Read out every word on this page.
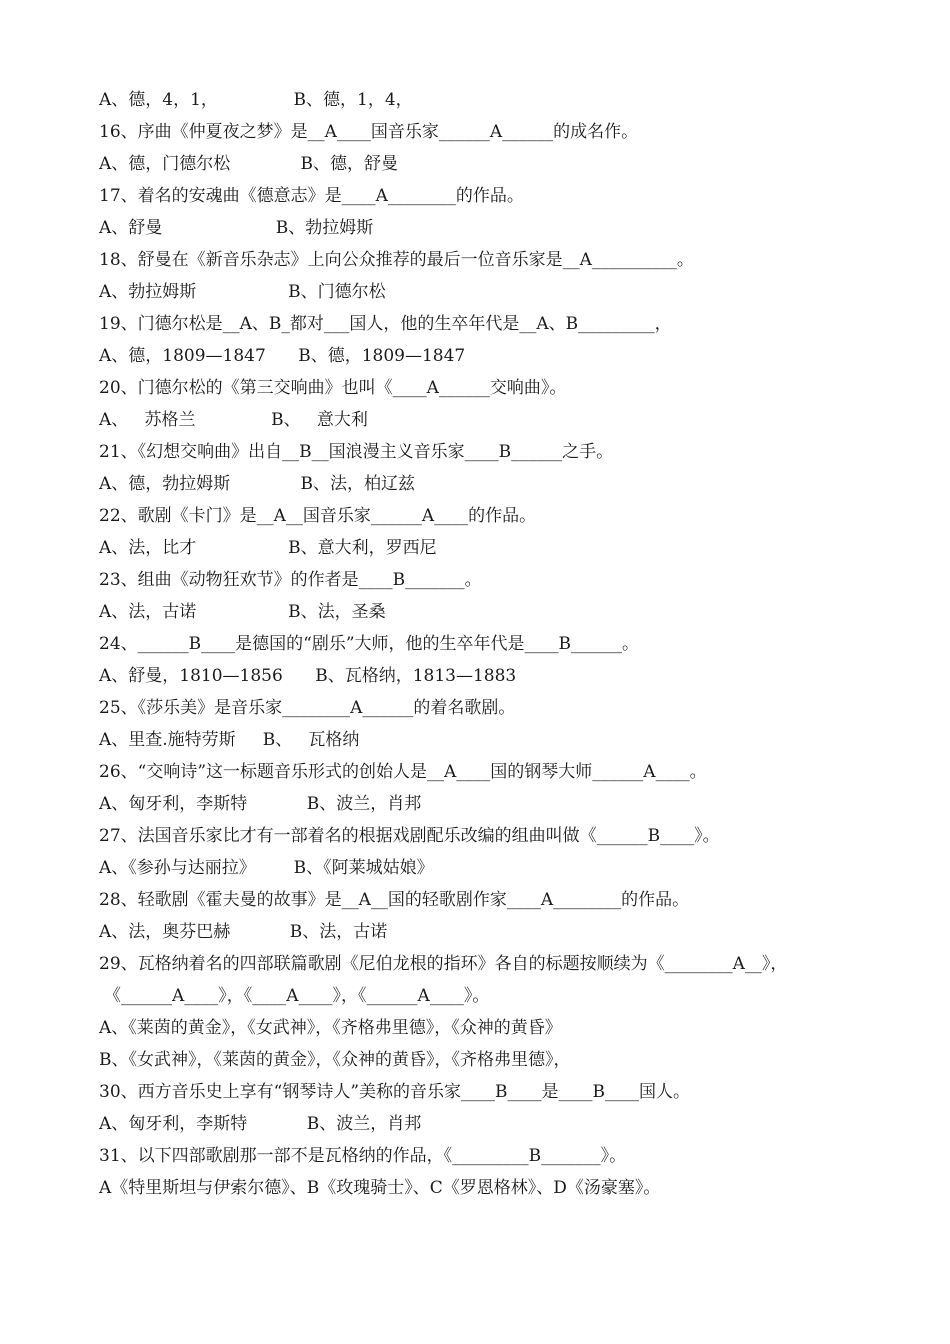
A、德，4，1，              B、德，1，4，
16、序曲《仲夏夜之梦》是__A____国音乐家______A______的成名作。
A、德，门德尔松             B、德，舒曼
17、着名的安魂曲《德意志》是____A________的作品。
A、舒曼                     B、勃拉姆斯
18、舒曼在《新音乐杂志》上向公众推荐的最后一位音乐家是__A__________。
A、勃拉姆斯                 B、门德尔松
19、门德尔松是__A、B_都对___国人，他的生卒年代是__A、B_________，
A、德，1809—1847      B、德，1809—1847
20、门德尔松的《第三交响曲》也叫《____A______交响曲》。
A、   苏格兰              B、   意大利
21、《幻想交响曲》出自__B__国浪漫主义音乐家____B______之手。
A、德，勃拉姆斯             B、法，柏辽兹
22、歌剧《卡门》是__A__国音乐家______A____的作品。
A、法，比才                 B、意大利，罗西尼
23、组曲《动物狂欢节》的作者是____B_______。
A、法，古诺                 B、法，圣桑
24、______B____是德国的“剧乐”大师，他的生卒年代是____B______。
A、舒曼，1810—1856      B、瓦格纳，1813—1883
25、《莎乐美》是音乐家________A______的着名歌剧。
A、里查.施特劳斯     B、   瓦格纳
26、“交响诗”这一标题音乐形式的创始人是__A____国的钢琴大师______A____。
A、匈牙利，李斯特           B、波兰，肖邦
27、法国音乐家比才有一部着名的根据戏剧配乐改编的组曲叫做《______B____》。
A、《参孙与达丽拉》       B、《阿莱城姑娘》
28、轻歌剧《霍夫曼的故事》是__A__国的轻歌剧作家____A________的作品。
A、法，奥芬巴赫           B、法，古诺
29、瓦格纳着名的四部联篇歌剧《尼伯龙根的指环》各自的标题按顺续为《________A__》，
《______A____》，《____A____》，《______A____》。
A、《莱茵的黄金》，《女武神》，《齐格弗里德》，《众神的黄昏》
B、《女武神》，《莱茵的黄金》，《众神的黄昏》，《齐格弗里德》，
30、西方音乐史上享有“钢琴诗人”美称的音乐家____B____是____B____国人。
A、匈牙利，李斯特           B、波兰，肖邦
31、以下四部歌剧那一部不是瓦格纳的作品，《_________B_______》。
A《特里斯坦与伊索尔德》、B《玫瑰骑士》、C《罗恩格林》、D《汤豪塞》。
